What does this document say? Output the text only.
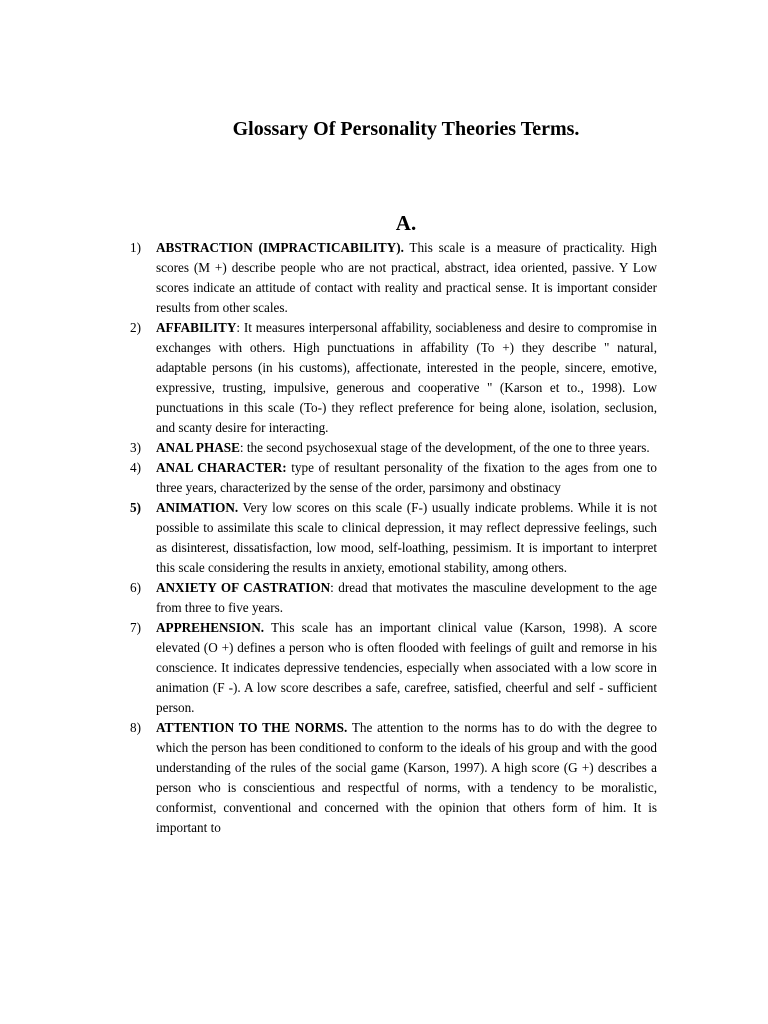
Glossary Of Personality Theories Terms.
A.
1)	ABSTRACTION (IMPRACTICABILITY). This scale is a measure of practicality. High scores (M +) describe people who are not practical, abstract, idea oriented, passive. Y Low scores indicate an attitude of contact with reality and practical sense. It is important consider results from other scales.
2)	AFFABILITY: It measures interpersonal affability, sociableness and desire to compromise in exchanges with others. High punctuations in affability (To +) they describe " natural, adaptable persons (in his customs), affectionate, interested in the people, sincere, emotive, expressive, trusting, impulsive, generous and cooperative " (Karson et to., 1998). Low punctuations in this scale (To-) they reflect preference for being alone, isolation, seclusion, and scanty desire for interacting.
3)	ANAL PHASE: the second psychosexual stage of the development, of the one to three years.
4)	ANAL CHARACTER: type of resultant personality of the fixation to the ages from one to three years, characterized by the sense of the order, parsimony and obstinacy
5)	ANIMATION. Very low scores on this scale (F-) usually indicate problems. While it is not possible to assimilate this scale to clinical depression, it may reflect depressive feelings, such as disinterest, dissatisfaction, low mood, self-loathing, pessimism. It is important to interpret this scale considering the results in anxiety, emotional stability, among others.
6)	ANXIETY OF CASTRATION: dread that motivates the masculine development to the age from three to five years.
7)	APPREHENSION. This scale has an important clinical value (Karson, 1998). A score elevated (O +) defines a person who is often flooded with feelings of guilt and remorse in his conscience. It indicates depressive tendencies, especially when associated with a low score in animation (F -). A low score describes a safe, carefree, satisfied, cheerful and self - sufficient person.
8)	ATTENTION TO THE NORMS. The attention to the norms has to do with the degree to which the person has been conditioned to conform to the ideals of his group and with the good understanding of the rules of the social game (Karson, 1997). A high score (G +) describes a person who is conscientious and respectful of norms, with a tendency to be moralistic, conformist, conventional and concerned with the opinion that others form of him. It is important to
